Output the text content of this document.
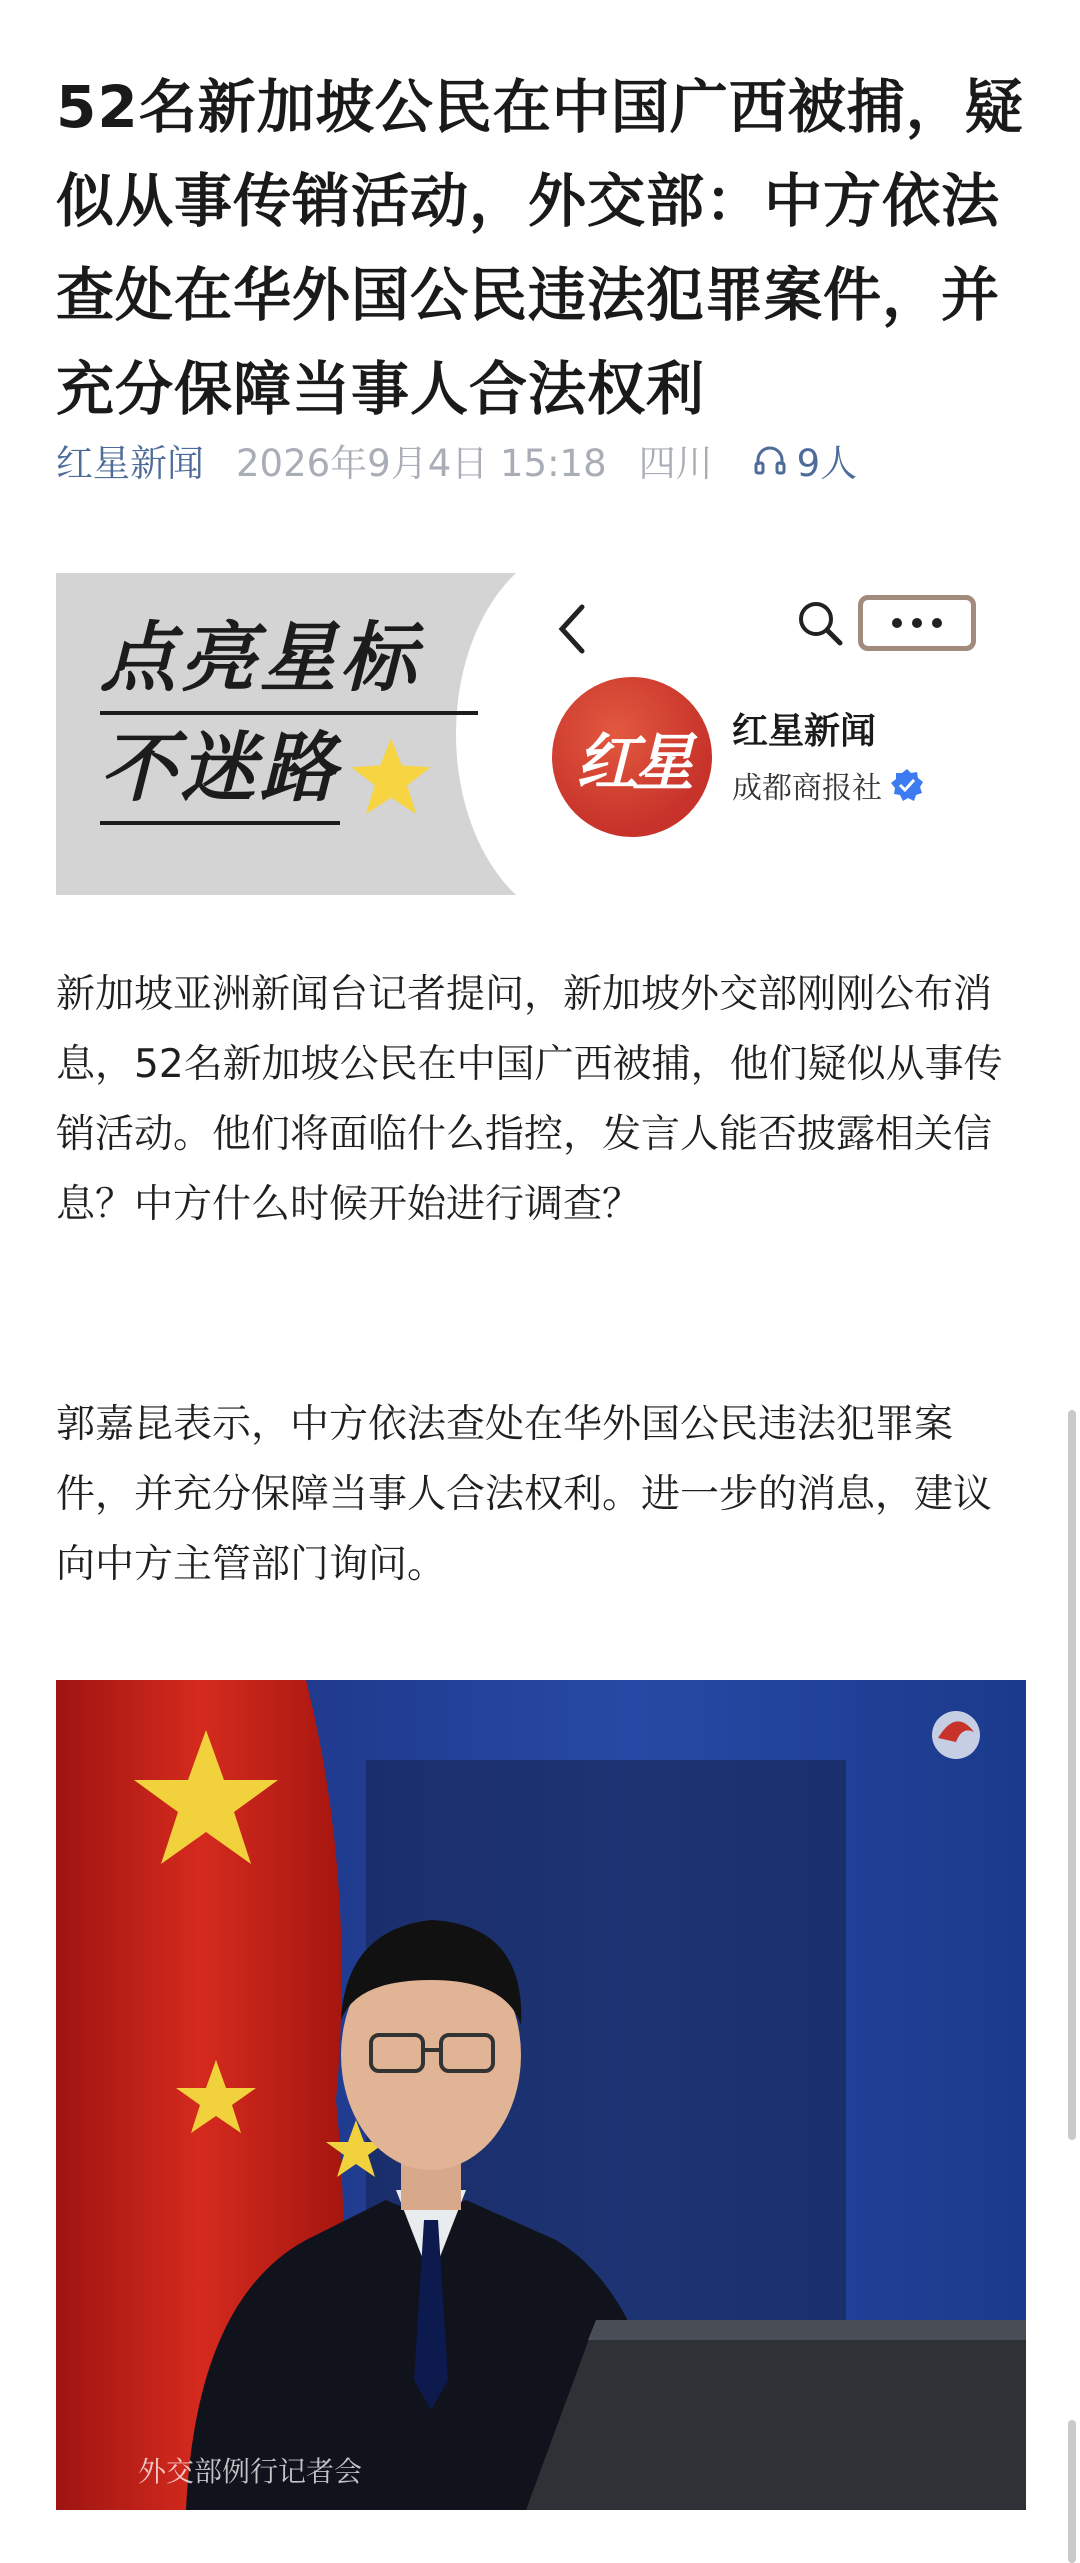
52名新加坡公民在中国广西被捕，疑似从事传销活动，外交部：中方依法查处在华外国公民违法犯罪案件，并充分保障当事人合法权利
红星新闻 2026年9月4日 15:18 四川 9人
点亮星标
不迷路	红星 红星新闻
成都商报社

新加坡亚洲新闻台记者提问，新加坡外交部刚刚公布消息，52名新加坡公民在中国广西被捕，他们疑似从事传销活动。他们将面临什么指控，发言人能否披露相关信息？中方什么时候开始进行调查？

郭嘉昆表示，中方依法查处在华外国公民违法犯罪案件，并充分保障当事人合法权利。进一步的消息，建议向中方主管部门询问。

外交部例行记者会
